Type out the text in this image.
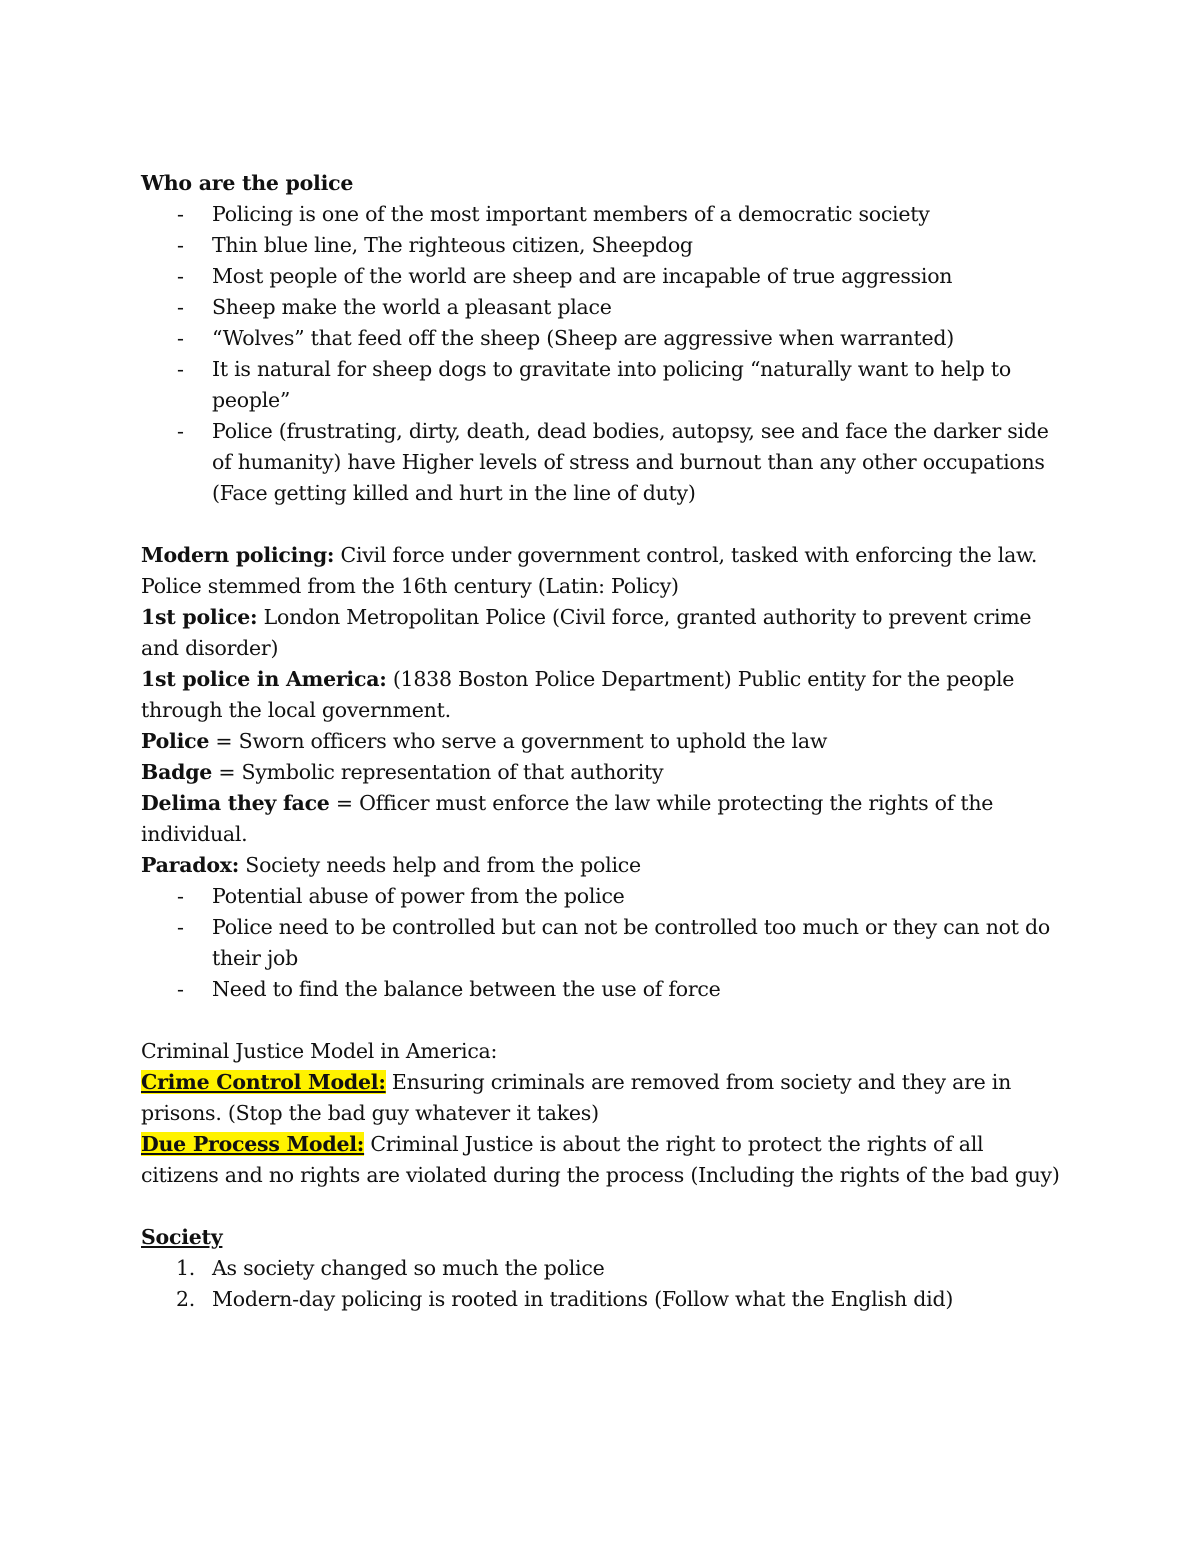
Who are the police

- Policing is one of the most important members of a democratic society
- Thin blue line, The righteous citizen, Sheepdog
- Most people of the world are sheep and are incapable of true aggression
- Sheep make the world a pleasant place
- “Wolves” that feed off the sheep (Sheep are aggressive when warranted)
- It is natural for sheep dogs to gravitate into policing “naturally want to help to people”
- Police (frustrating, dirty, death, dead bodies, autopsy, see and face the darker side of humanity) have Higher levels of stress and burnout than any other occupations (Face getting killed and hurt in the line of duty)

Modern policing: Civil force under government control, tasked with enforcing the law.

Police stemmed from the 16th century (Latin: Policy)

1st police: London Metropolitan Police (Civil force, granted authority to prevent crime and disorder)

1st police in America: (1838 Boston Police Department) Public entity for the people through the local government.

Police = Sworn officers who serve a government to uphold the law

Badge = Symbolic representation of that authority

Delima they face = Officer must enforce the law while protecting the rights of the individual.

Paradox: Society needs help and from the police

- Potential abuse of power from the police
- Police need to be controlled but can not be controlled too much or they can not do their job
- Need to find the balance between the use of force

Criminal Justice Model in America:

Crime Control Model: Ensuring criminals are removed from society and they are in prisons. (Stop the bad guy whatever it takes)

Due Process Model: Criminal Justice is about the right to protect the rights of all citizens and no rights are violated during the process (Including the rights of the bad guy)

Society

1. As society changed so much the police
2. Modern-day policing is rooted in traditions (Follow what the English did)
